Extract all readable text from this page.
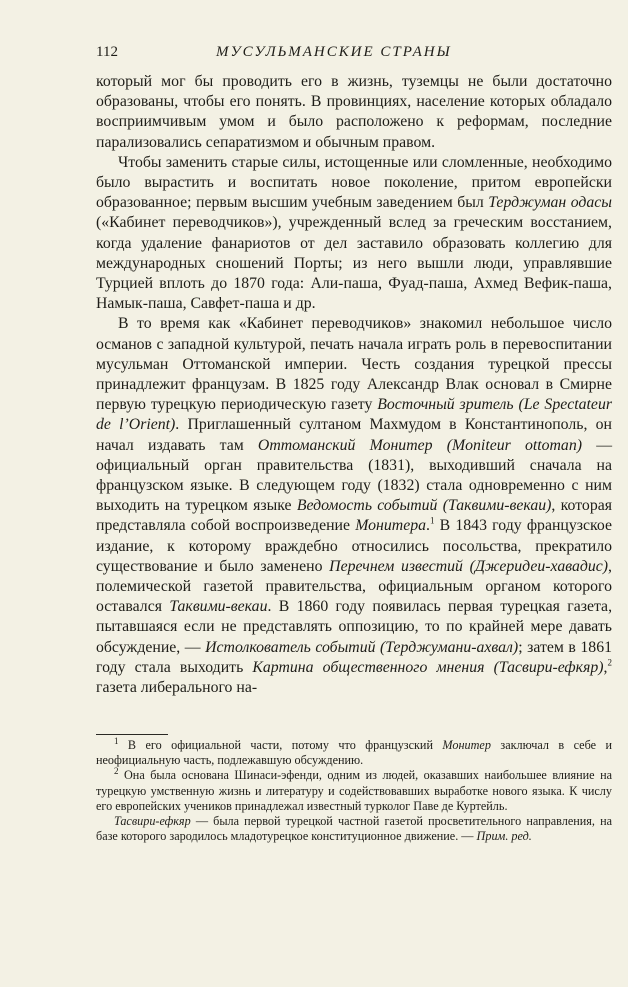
112	МУСУЛЬМАНСКИЕ СТРАНЫ

который мог бы проводить его в жизнь, туземцы не были достаточно образованы, чтобы его понять. В провинциях, население которых обладало восприимчивым умом и было расположено к реформам, последние парализовались сепаратизмом и обычным правом.

Чтобы заменить старые силы, истощенные или сломленные, необходимо было вырастить и воспитать новое поколение, притом европейски образованное; первым высшим учебным заведением был Терджуман одасы («Кабинет переводчиков»), учрежденный вслед за греческим восстанием, когда удаление фанариотов от дел заставило образовать коллегию для международных сношений Порты; из него вышли люди, управлявшие Турцией вплоть до 1870 года: Али-паша, Фуад-паша, Ахмед Вефик-паша, Намык-паша, Савфет-паша и др.

В то время как «Кабинет переводчиков» знакомил небольшое число османов с западной культурой, печать начала играть роль в перевоспитании мусульман Оттоманской империи. Честь создания турецкой прессы принадлежит французам. В 1825 году Александр Влак основал в Смирне первую турецкую периодическую газету Восточный зритель (Le Spectateur de l’Orient). Приглашенный султаном Махмудом в Константинополь, он начал издавать там Оттоманский Монитер (Moniteur ottoman) — официальный орган правительства (1831), выходивший сначала на французском языке. В следующем году (1832) стала одновременно с ним выходить на турецком языке Ведомость событий (Таквими-векаи), которая представляла собой воспроизведение Монитера.$^1$ В 1843 году французское издание, к которому враждебно относились посольства, прекратило существование и было заменено Перечнем известий (Джеридеи-хавадис), полемической газетой правительства, официальным органом которого оставался Таквими-векаи. В 1860 году появилась первая турецкая газета, пытавшаяся если не представлять оппозицию, то по крайней мере давать обсуждение, — Истолкователь событий (Терджумани-ахвал); затем в 1861 году стала выходить Картина общественного мнения (Тасвири-ефкяр),$^2$ газета либерального на-

$^1$ В его официальной части, потому что французский Монитер заключал в себе и неофициальную часть, подлежавшую обсуждению.

$^2$ Она была основана Шинаси-эфенди, одним из людей, оказавших наибольшее влияние на турецкую умственную жизнь и литературу и содействовавших выработке нового языка. К числу его европейских учеников принадлежал известный турколог Паве де Куртейль.

Тасвири-ефкяр — была первой турецкой частной газетой просветительного направления, на базе которого зародилось младотурецкое конституционное движение. — Прим. ред.
